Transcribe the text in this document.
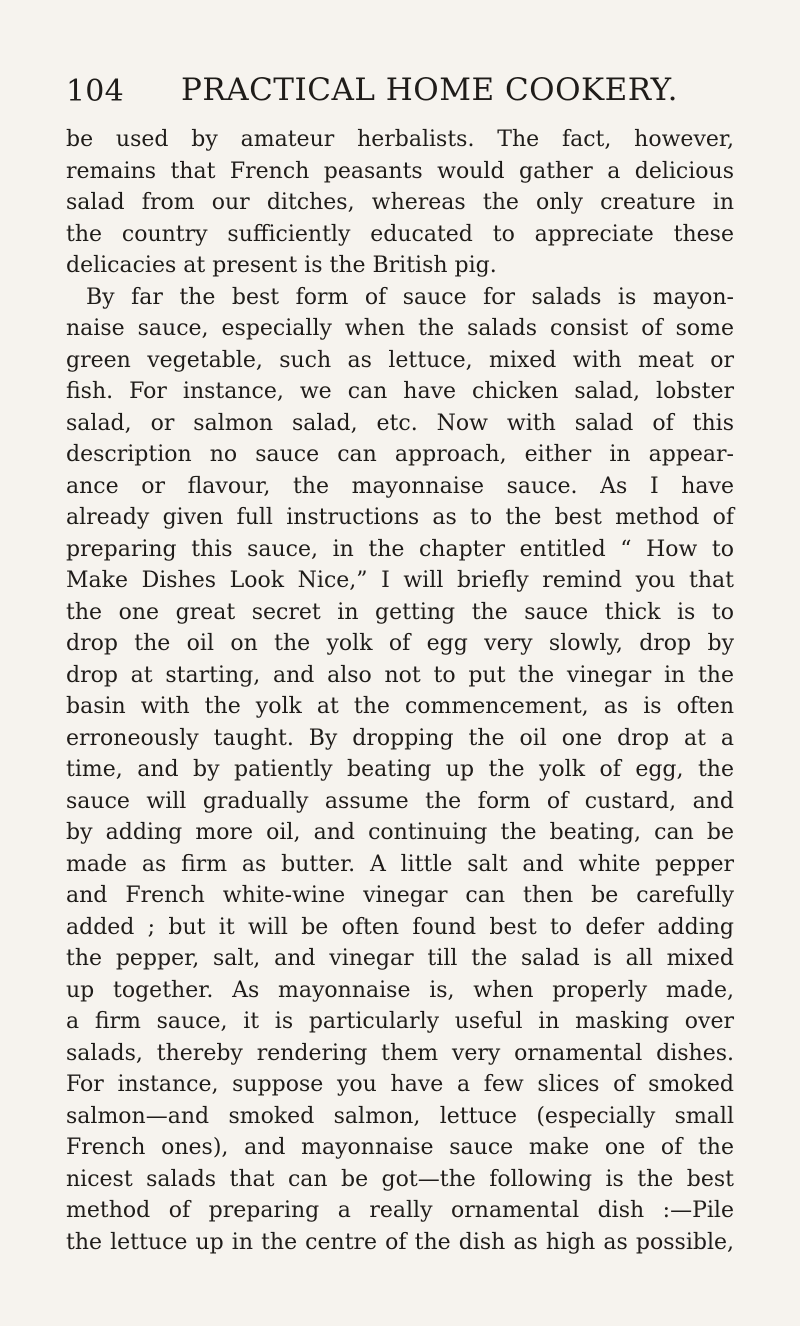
104 PRACTICAL HOME COOKERY.
be used by amateur herbalists. The fact, however,
remains that French peasants would gather a delicious
salad from our ditches, whereas the only creature in
the country sufficiently educated to appreciate these
delicacies at present is the British pig.
By far the best form of sauce for salads is mayon-
naise sauce, especially when the salads consist of some
green vegetable, such as lettuce, mixed with meat or
fish. For instance, we can have chicken salad, lobster
salad, or salmon salad, etc. Now with salad of this
description no sauce can approach, either in appear-
ance or flavour, the mayonnaise sauce. As I have
already given full instructions as to the best method of
preparing this sauce, in the chapter entitled “ How to
Make Dishes Look Nice,” I will briefly remind you that
the one great secret in getting the sauce thick is to
drop the oil on the yolk of egg very slowly, drop by
drop at starting, and also not to put the vinegar in the
basin with the yolk at the commencement, as is often
erroneously taught. By dropping the oil one drop at a
time, and by patiently beating up the yolk of egg, the
sauce will gradually assume the form of custard, and
by adding more oil, and continuing the beating, can be
made as firm as butter. A little salt and white pepper
and French white-wine vinegar can then be carefully
added ; but it will be often found best to defer adding
the pepper, salt, and vinegar till the salad is all mixed
up together. As mayonnaise is, when properly made,
a firm sauce, it is particularly useful in masking over
salads, thereby rendering them very ornamental dishes.
For instance, suppose you have a few slices of smoked
salmon—and smoked salmon, lettuce (especially small
French ones), and mayonnaise sauce make one of the
nicest salads that can be got—the following is the best
method of preparing a really ornamental dish :—Pile
the lettuce up in the centre of the dish as high as possible,
